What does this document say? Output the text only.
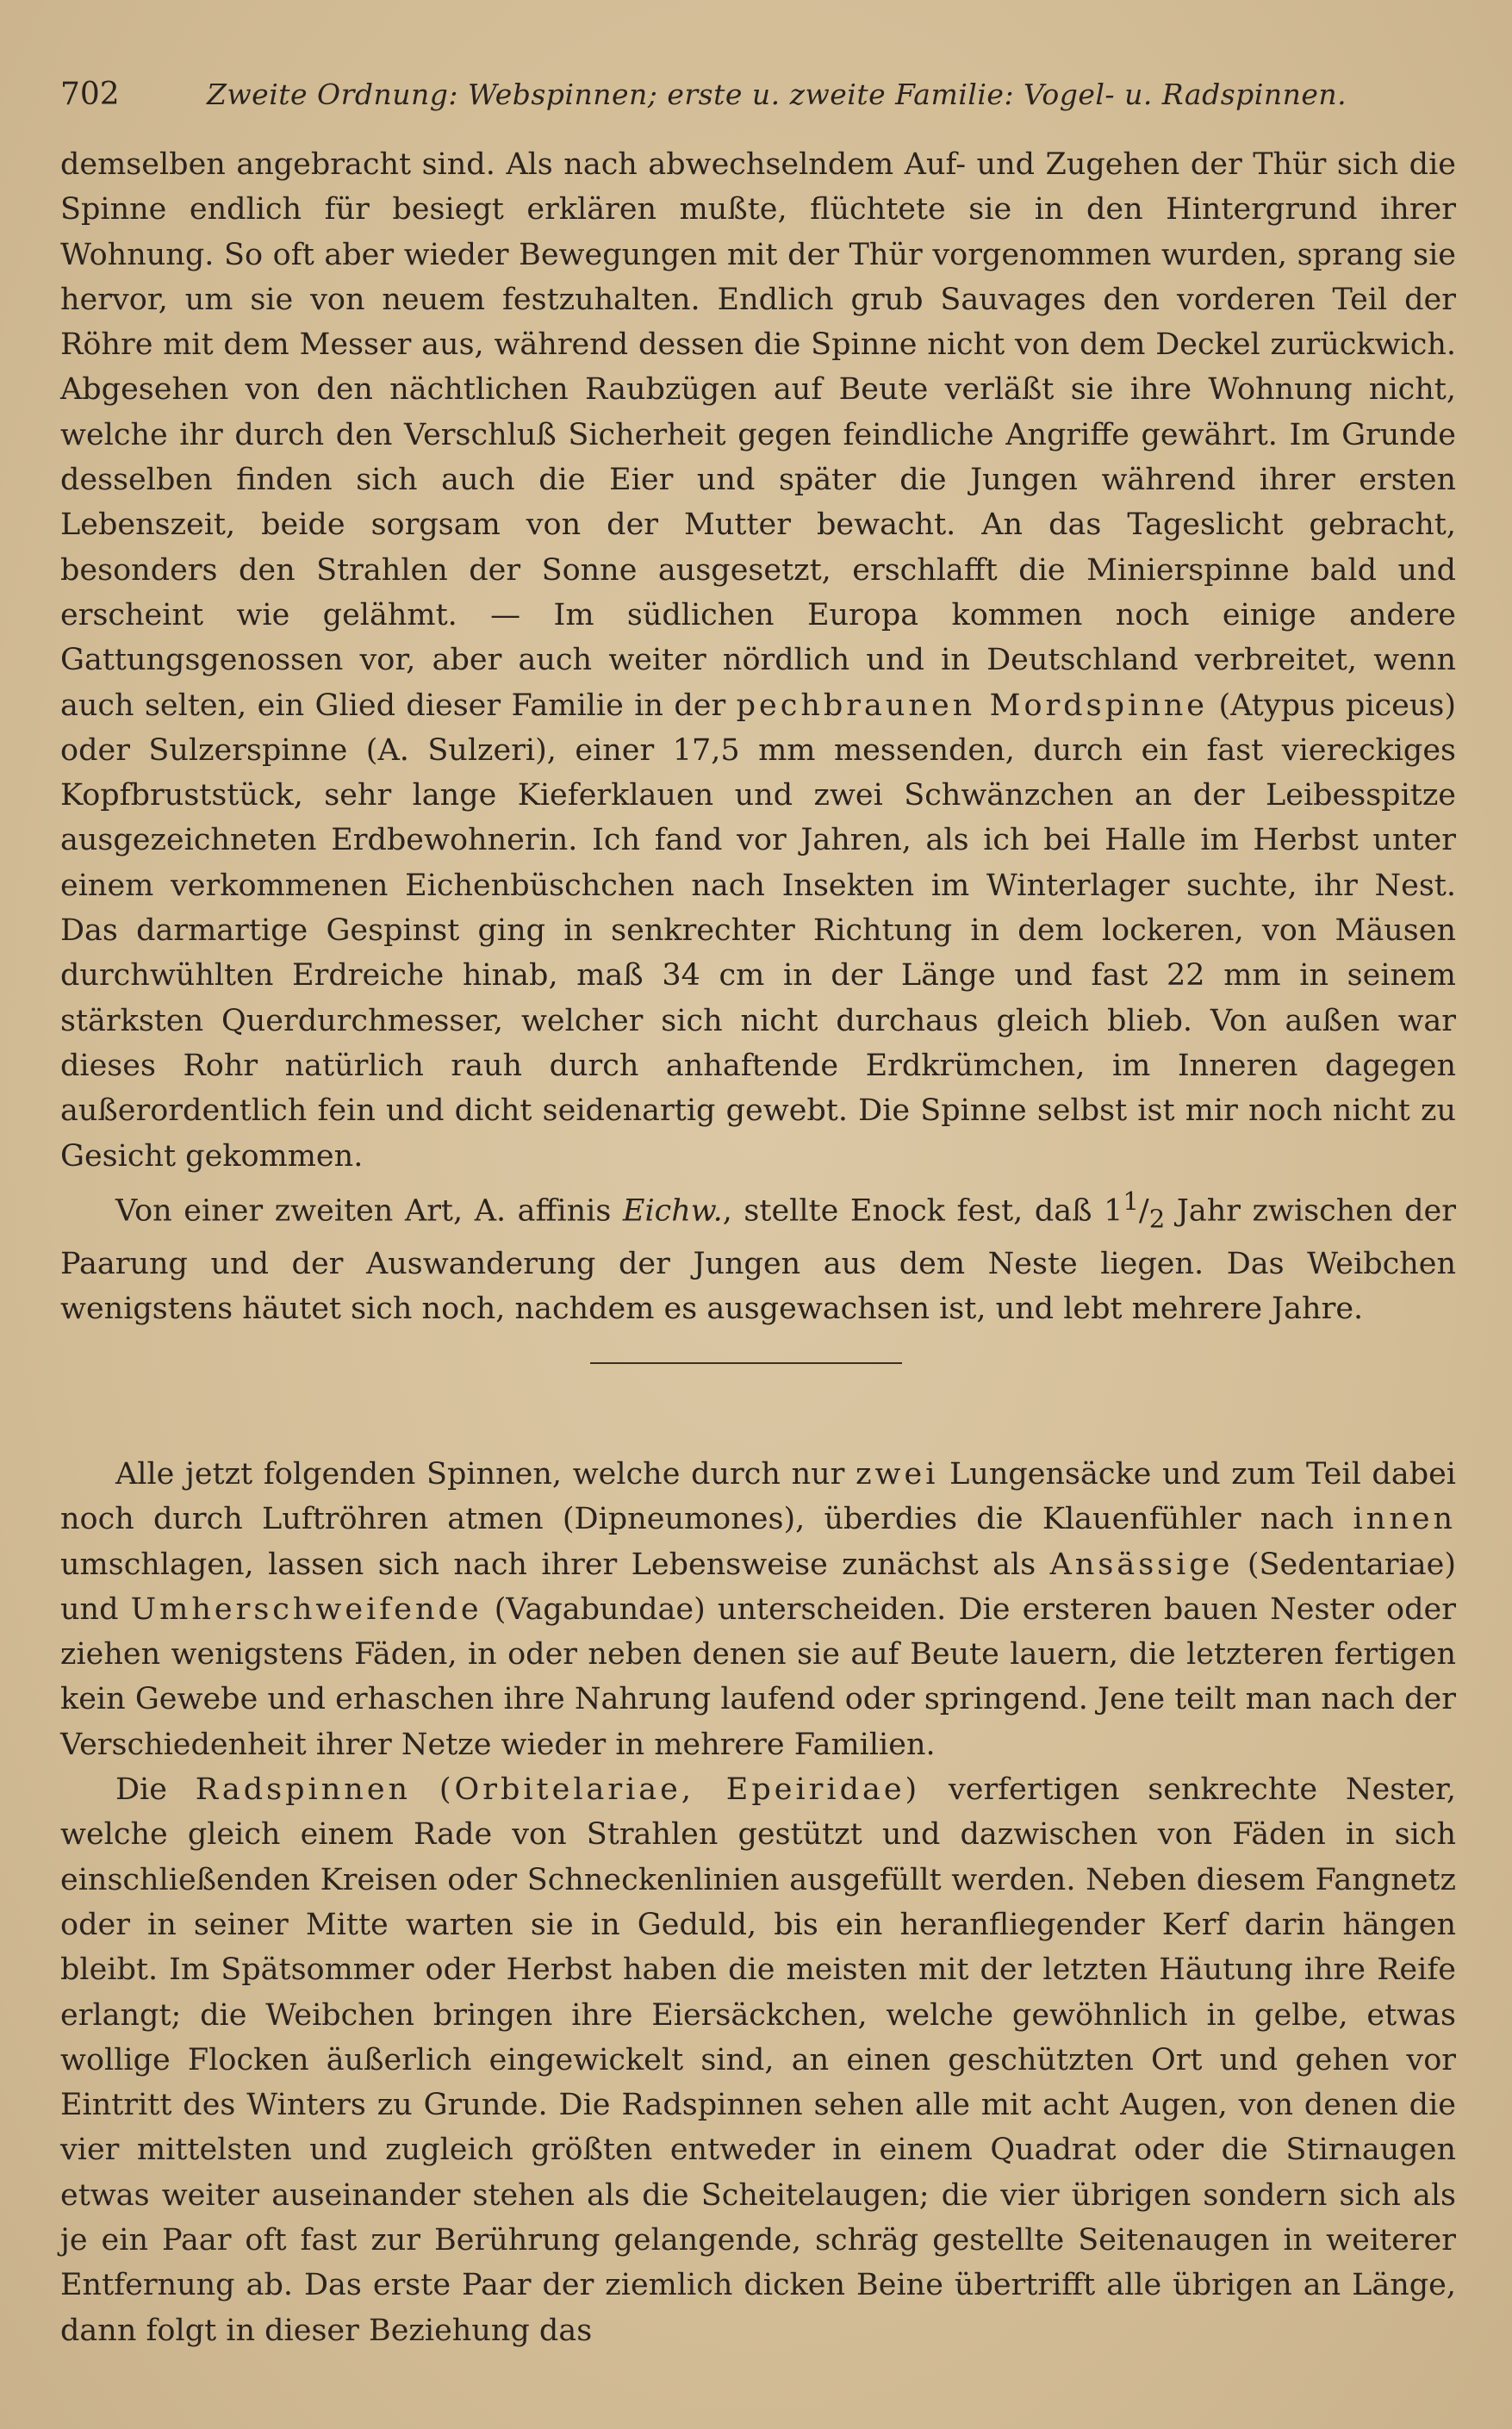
702	Zweite Ordnung: Webspinnen; erste u. zweite Familie: Vogel- u. Radspinnen.

demselben angebracht sind. Als nach abwechselndem Auf- und Zugehen der Thür sich die Spinne endlich für besiegt erklären mußte, flüchtete sie in den Hintergrund ihrer Wohnung. So oft aber wieder Bewegungen mit der Thür vorgenommen wurden, sprang sie hervor, um sie von neuem festzuhalten. Endlich grub Sauvages den vorderen Teil der Röhre mit dem Messer aus, während dessen die Spinne nicht von dem Deckel zurückwich. Abgesehen von den nächtlichen Raubzügen auf Beute verläßt sie ihre Wohnung nicht, welche ihr durch den Verschluß Sicherheit gegen feindliche Angriffe gewährt. Im Grunde desselben finden sich auch die Eier und später die Jungen während ihrer ersten Lebenszeit, beide sorgsam von der Mutter bewacht. An das Tageslicht gebracht, besonders den Strahlen der Sonne ausgesetzt, erschlafft die Minierspinne bald und erscheint wie gelähmt. — Im südlichen Europa kommen noch einige andere Gattungsgenossen vor, aber auch weiter nördlich und in Deutschland verbreitet, wenn auch selten, ein Glied dieser Familie in der pechbraunen Mordspinne (Atypus piceus) oder Sulzerspinne (A. Sulzeri), einer 17,5 mm messenden, durch ein fast viereckiges Kopfbruststück, sehr lange Kieferklauen und zwei Schwänzchen an der Leibesspitze ausgezeichneten Erdbewohnerin. Ich fand vor Jahren, als ich bei Halle im Herbst unter einem verkommenen Eichenbüschchen nach Insekten im Winterlager suchte, ihr Nest. Das darmartige Gespinst ging in senkrechter Richtung in dem lockeren, von Mäusen durchwühlten Erdreiche hinab, maß 34 cm in der Länge und fast 22 mm in seinem stärksten Querdurchmesser, welcher sich nicht durchaus gleich blieb. Von außen war dieses Rohr natürlich rauh durch anhaftende Erdkrümchen, im Inneren dagegen außerordentlich fein und dicht seidenartig gewebt. Die Spinne selbst ist mir noch nicht zu Gesicht gekommen.

Von einer zweiten Art, A. affinis Eichw., stellte Enock fest, daß $1^1/_2$ Jahr zwischen der Paarung und der Auswanderung der Jungen aus dem Neste liegen. Das Weibchen wenigstens häutet sich noch, nachdem es ausgewachsen ist, und lebt mehrere Jahre.

Alle jetzt folgenden Spinnen, welche durch nur zwei Lungensäcke und zum Teil dabei noch durch Luftröhren atmen (Dipneumones), überdies die Klauenfühler nach innen umschlagen, lassen sich nach ihrer Lebensweise zunächst als Ansässige (Sedentariae) und Umherschweifende (Vagabundae) unterscheiden. Die ersteren bauen Nester oder ziehen wenigstens Fäden, in oder neben denen sie auf Beute lauern, die letzteren fertigen kein Gewebe und erhaschen ihre Nahrung laufend oder springend. Jene teilt man nach der Verschiedenheit ihrer Netze wieder in mehrere Familien.

Die Radspinnen (Orbitelariae, Epeiridae) verfertigen senkrechte Nester, welche gleich einem Rade von Strahlen gestützt und dazwischen von Fäden in sich einschließenden Kreisen oder Schneckenlinien ausgefüllt werden. Neben diesem Fangnetz oder in seiner Mitte warten sie in Geduld, bis ein heranfliegender Kerf darin hängen bleibt. Im Spätsommer oder Herbst haben die meisten mit der letzten Häutung ihre Reife erlangt; die Weibchen bringen ihre Eiersäckchen, welche gewöhnlich in gelbe, etwas wollige Flocken äußerlich eingewickelt sind, an einen geschützten Ort und gehen vor Eintritt des Winters zu Grunde. Die Radspinnen sehen alle mit acht Augen, von denen die vier mittelsten und zugleich größten entweder in einem Quadrat oder die Stirnaugen etwas weiter auseinander stehen als die Scheitelaugen; die vier übrigen sondern sich als je ein Paar oft fast zur Berührung gelangende, schräg gestellte Seitenaugen in weiterer Entfernung ab. Das erste Paar der ziemlich dicken Beine übertrifft alle übrigen an Länge, dann folgt in dieser Beziehung das
